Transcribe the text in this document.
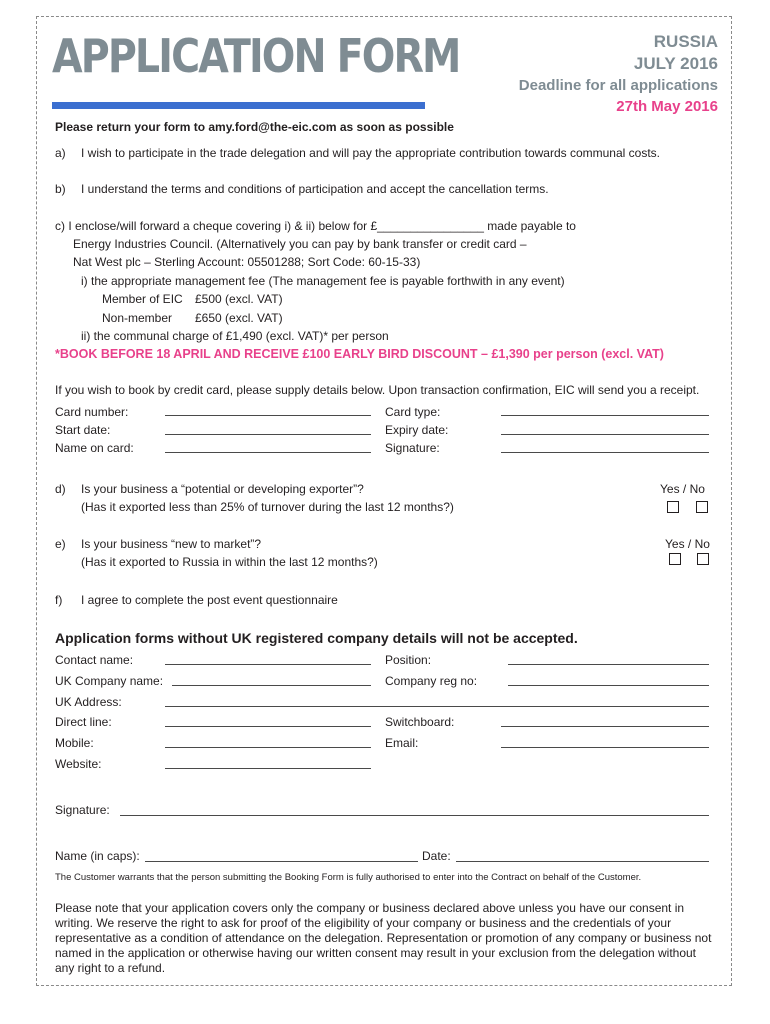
APPLICATION FORM	RUSSIA
JULY 2016
Deadline for all applications
27th May 2016
Please return your form to amy.ford@the-eic.com as soon as possible
a) I wish to participate in the trade delegation and will pay the appropriate contribution towards communal costs.
b) I understand the terms and conditions of participation and accept the cancellation terms.
c) I enclose/will forward a cheque covering i) & ii) below for £________________ made payable to
Energy Industries Council. (Alternatively you can pay by bank transfer or credit card –
Nat West plc – Sterling Account: 05501288; Sort Code: 60-15-33)
i) the appropriate management fee (The management fee is payable forthwith in any event)
Member of EIC £500 (excl. VAT)
Non-member £650 (excl. VAT)
ii) the communal charge of £1,490 (excl. VAT)* per person
*BOOK BEFORE 18 APRIL AND RECEIVE £100 EARLY BIRD DISCOUNT – £1,390 per person (excl. VAT)
If you wish to book by credit card, please supply details below. Upon transaction confirmation, EIC will send you a receipt.
Card number:	Card type:
Start date:	Expiry date:
Name on card:	Signature:
d) Is your business a “potential or developing exporter”?
(Has it exported less than 25% of turnover during the last 12 months?)
Yes / No
e) Is your business “new to market”?
(Has it exported to Russia in within the last 12 months?)
Yes / No
f) I agree to complete the post event questionnaire
Application forms without UK registered company details will not be accepted.
Contact name:	Position:
UK Company name:	Company reg no:
UK Address:
Direct line:	Switchboard:
Mobile:	Email:
Website:
Signature:
Name (in caps):	Date:
The Customer warrants that the person submitting the Booking Form is fully authorised to enter into the Contract on behalf of the Customer.
Please note that your application covers only the company or business declared above unless you have our consent in writing. We reserve the right to ask for proof of the eligibility of your company or business and the credentials of your representative as a condition of attendance on the delegation. Representation or promotion of any company or business not named in the application or otherwise having our written consent may result in your exclusion from the delegation without any right to a refund.
